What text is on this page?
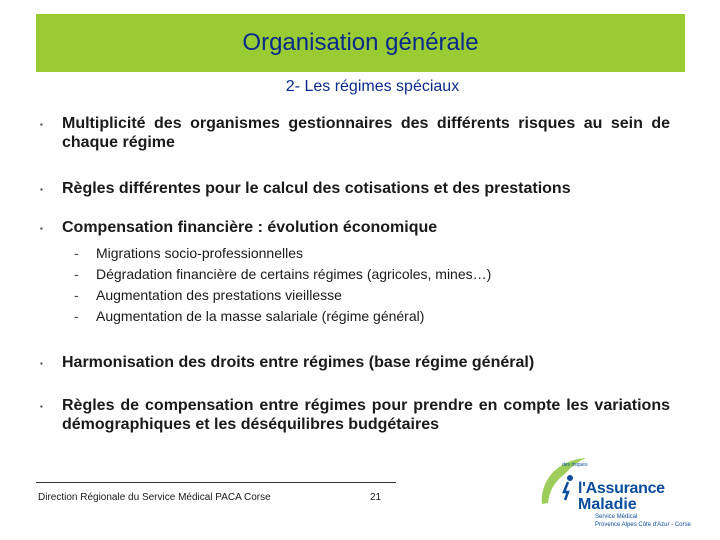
Organisation générale
2- Les régimes spéciaux
▪ Multiplicité des organismes gestionnaires des différents risques au sein de chaque régime
▪ Règles différentes pour le calcul des cotisations et des prestations
▪ Compensation financière : évolution économique
- Migrations socio-professionnelles
- Dégradation financière de certains régimes (agricoles, mines…)
- Augmentation des prestations vieillesse
- Augmentation de la masse salariale (régime général)
▪ Harmonisation des droits entre régimes (base régime général)
▪ Règles de compensation entre régimes pour prendre en compte les variations démographiques et les déséquilibres budgétaires
Direction Régionale du Service Médical PACA Corse	21
des risques
l'Assurance
Maladie
Service Médical
Provence Alpes Côte d'Azur - Corse
